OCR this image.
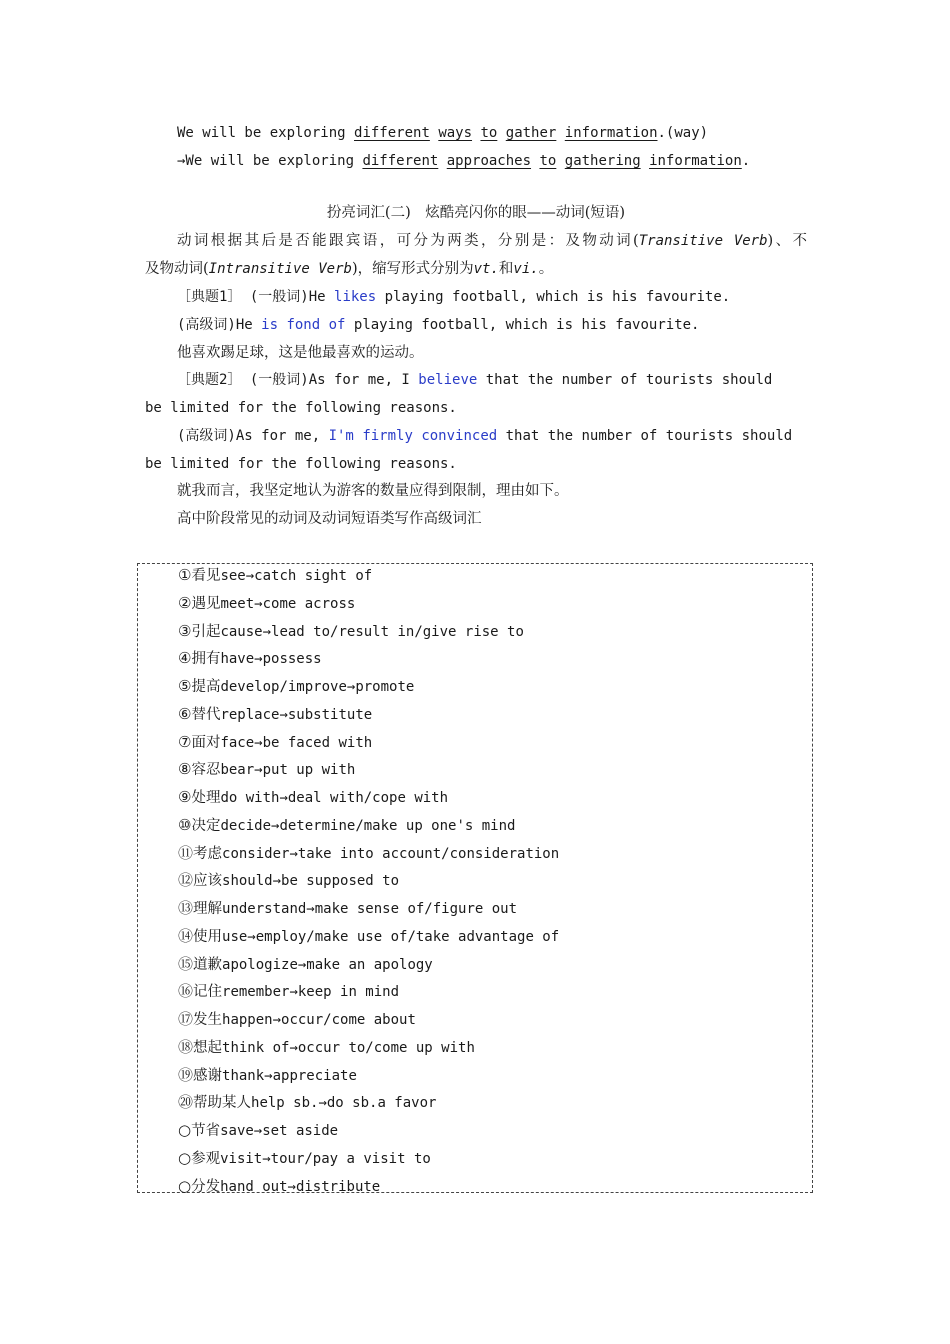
We will be exploring different ways to gather information.(way)
→We will be exploring different approaches to gathering information.
扮亮词汇(二)　炫酷亮闪你的眼——动词(短语)
动词根据其后是否能跟宾语，可分为两类，分别是：及物动词(Transitive Verb)、不
及物动词(Intransitive Verb)，缩写形式分别为vt.和vi.。
［典题1］ (一般词)He likes playing football, which is his favourite.
(高级词)He is fond of playing football, which is his favourite.
他喜欢踢足球，这是他最喜欢的运动。
［典题2］ (一般词)As for me, I believe that the number of tourists should
be limited for the following reasons.
(高级词)As for me, I'm firmly convinced that the number of tourists should
be limited for the following reasons.
就我而言，我坚定地认为游客的数量应得到限制，理由如下。
高中阶段常见的动词及动词短语类写作高级词汇
①看见see→catch sight of
②遇见meet→come across
③引起cause→lead to/result in/give rise to
④拥有have→possess
⑤提高develop/improve→promote
⑥替代replace→substitute
⑦面对face→be faced with
⑧容忍bear→put up with
⑨处理do with→deal with/cope with
⑩决定decide→determine/make up one's mind
⑪考虑consider→take into account/consideration
⑫应该should→be supposed to
⑬理解understand→make sense of/figure out
⑭使用use→employ/make use of/take advantage of
⑮道歉apologize→make an apology
⑯记住remember→keep in mind
⑰发生happen→occur/come about
⑱想起think of→occur to/come up with
⑲感谢thank→appreciate
⑳帮助某人help sb.→do sb.a favor
○节省save→set aside
○参观visit→tour/pay a visit to
○分发hand out→distribute
